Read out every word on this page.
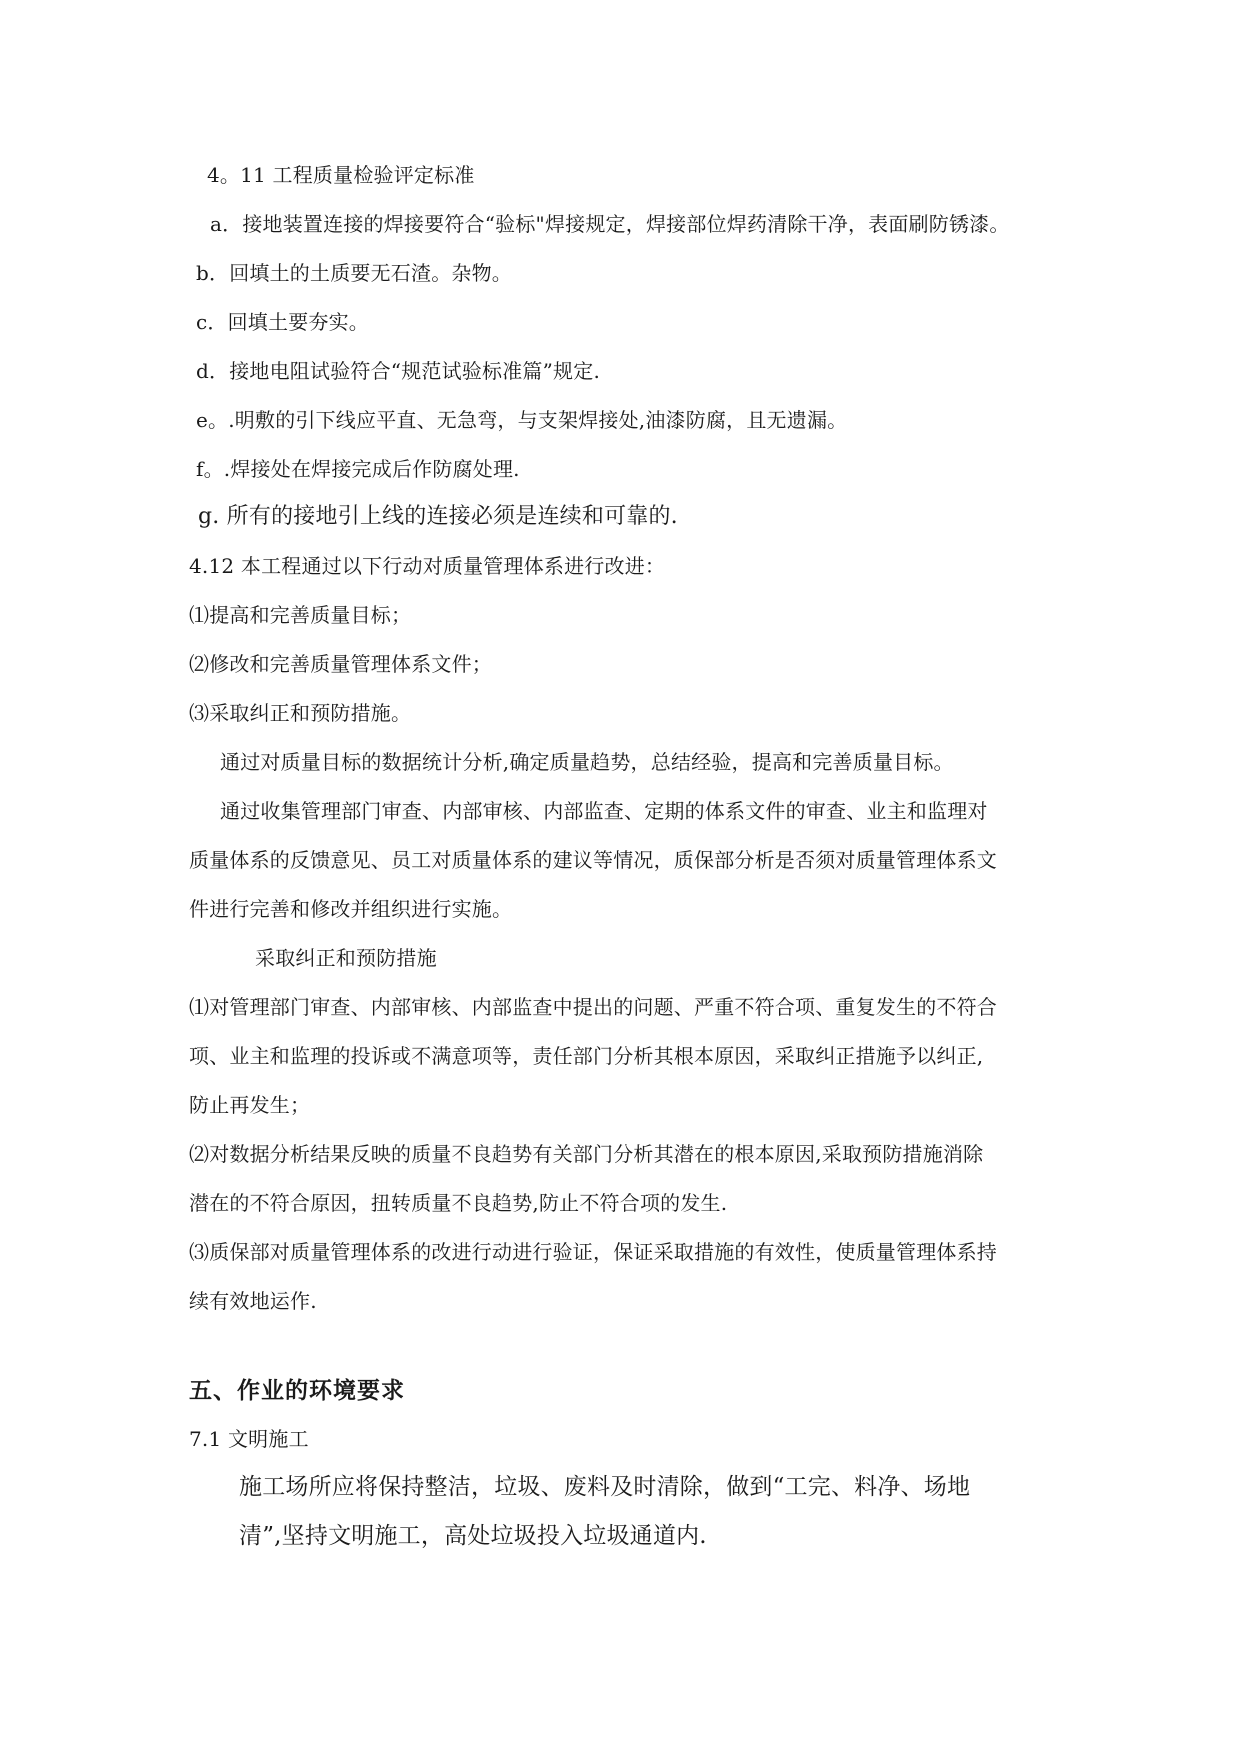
4。11 工程质量检验评定标准
a．接地装置连接的焊接要符合“验标"焊接规定，焊接部位焊药清除干净，表面刷防锈漆。
b．回填土的土质要无石渣。杂物。
c．回填土要夯实。
d．接地电阻试验符合“规范试验标准篇”规定.
e。.明敷的引下线应平直、无急弯，与支架焊接处,油漆防腐，且无遗漏。
f。.焊接处在焊接完成后作防腐处理.
g. 所有的接地引上线的连接必须是连续和可靠的.
4.12 本工程通过以下行动对质量管理体系进行改进：
⑴提高和完善质量目标；
⑵修改和完善质量管理体系文件；
⑶采取纠正和预防措施。
通过对质量目标的数据统计分析,确定质量趋势，总结经验，提高和完善质量目标。
通过收集管理部门审查、内部审核、内部监查、定期的体系文件的审查、业主和监理对
质量体系的反馈意见、员工对质量体系的建议等情况，质保部分析是否须对质量管理体系文
件进行完善和修改并组织进行实施。
采取纠正和预防措施
⑴对管理部门审查、内部审核、内部监查中提出的问题、严重不符合项、重复发生的不符合
项、业主和监理的投诉或不满意项等，责任部门分析其根本原因，采取纠正措施予以纠正,
防止再发生；
⑵对数据分析结果反映的质量不良趋势有关部门分析其潜在的根本原因,采取预防措施消除
潜在的不符合原因，扭转质量不良趋势,防止不符合项的发生.
⑶质保部对质量管理体系的改进行动进行验证，保证采取措施的有效性，使质量管理体系持
续有效地运作.
五、作业的环境要求
7.1 文明施工
施工场所应将保持整洁，垃圾、废料及时清除，做到“工完、料净、场地
清”,坚持文明施工，高处垃圾投入垃圾通道内.
